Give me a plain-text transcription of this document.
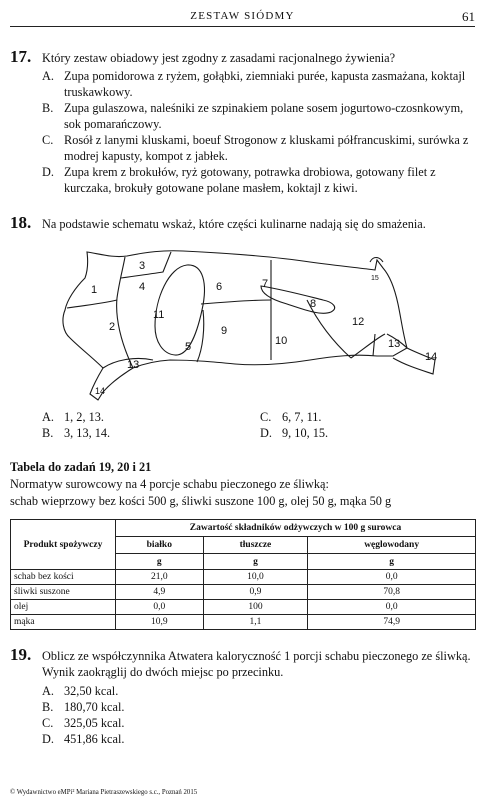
ZESTAW SIÓDMY	61
17. Który zestaw obiadowy jest zgodny z zasadami racjonalnego żywienia?
A. Zupa pomidorowa z ryżem, gołąbki, ziemniaki purée, kapusta zasmażana, koktajl truskawkowy.
B. Zupa gulaszowa, naleśniki ze szpinakiem polane sosem jogurtowo-czosnkowym, sok pomarańczowy.
C. Rosół z lanymi kluskami, boeuf Strogonow z kluskami półfrancuskimi, surówka z modrej kapusty, kompot z jabłek.
D. Zupa krem z brokułów, ryż gotowany, potrawka drobiowa, gotowany filet z kurczaka, brokuły gotowane polane masłem, koktajl z kiwi.
18. Na podstawie schematu wskaż, które części kulinarne nadają się do smażenia.
1
2
3
4
5
6	7
8
9
10
11
12
13
13
14
14
15
A. 1, 2, 13.
B. 3, 13, 14.
C. 6, 7, 11.
D. 9, 10, 15.
Tabela do zadań 19, 20 i 21
Normatyw surowcowy na 4 porcje schabu pieczonego ze śliwką:
schab wieprzowy bez kości 500 g, śliwki suszone 100 g, olej 50 g, mąka 50 g
Produkt spożywczy	Zawartość składników odżywczych w 100 g surowca		
	białko	tłuszcze	węglowodany
	g	g	g
schab bez kości	21,0	10,0	0,0
śliwki suszone	4,9	0,9	70,8
olej	0,0	100	0,0
mąka	10,9	1,1	74,9
19. Oblicz ze współczynnika Atwatera kaloryczność 1 porcji schabu pieczonego ze śliwką. Wynik zaokrąglij do dwóch miejsc po przecinku.
A. 32,50 kcal.
B. 180,70 kcal.
C. 325,05 kcal.
D. 451,86 kcal.
© Wydawnictwo eMPi² Mariana Pietraszewskiego s.c., Poznań 2015
